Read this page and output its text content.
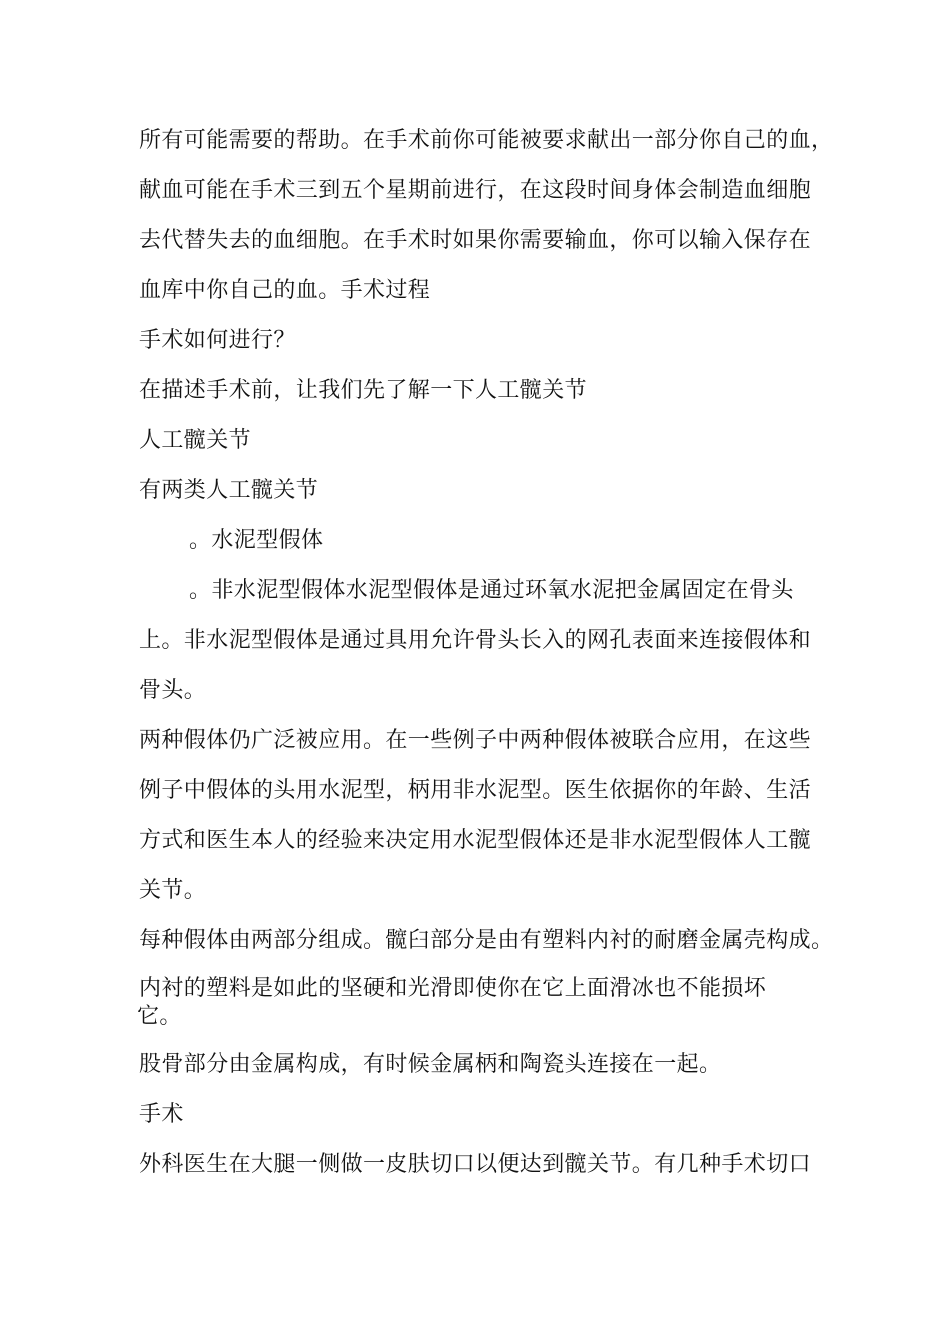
所有可能需要的帮助。在手术前你可能被要求献出一部分你自己的血，
献血可能在手术三到五个星期前进行，在这段时间身体会制造血细胞
去代替失去的血细胞。在手术时如果你需要输血，你可以输入保存在
血库中你自己的血。手术过程
手术如何进行？
在描述手术前，让我们先了解一下人工髋关节
人工髋关节
有两类人工髋关节
。水泥型假体
。非水泥型假体水泥型假体是通过环氧水泥把金属固定在骨头
上。非水泥型假体是通过具用允许骨头长入的网孔表面来连接假体和
骨头。
两种假体仍广泛被应用。在一些例子中两种假体被联合应用，在这些
例子中假体的头用水泥型，柄用非水泥型。医生依据你的年龄、生活
方式和医生本人的经验来决定用水泥型假体还是非水泥型假体人工髋
关节。
每种假体由两部分组成。髋臼部分是由有塑料内衬的耐磨金属壳构成。
内衬的塑料是如此的坚硬和光滑即使你在它上面滑冰也不能损坏
它。
股骨部分由金属构成，有时候金属柄和陶瓷头连接在一起。
手术
外科医生在大腿一侧做一皮肤切口以便达到髋关节。有几种手术切口
